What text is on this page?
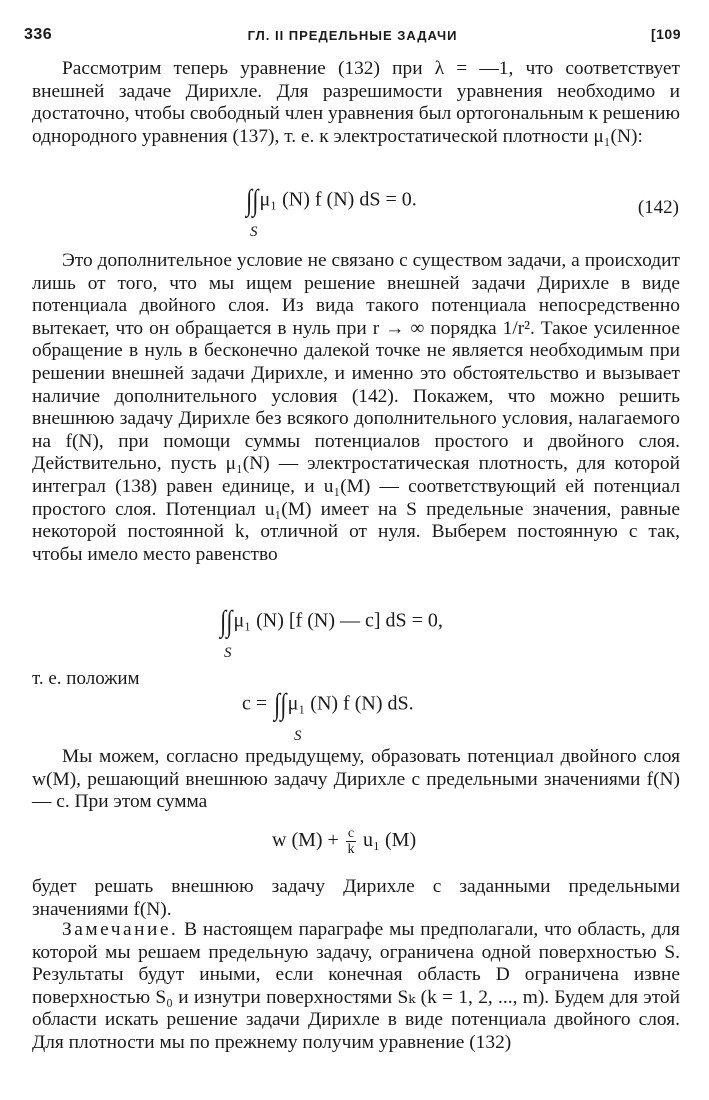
336	ГЛ. II ПРЕДЕЛЬНЫЕ ЗАДАЧИ	[109

Рассмотрим теперь уравнение (132) при λ = —1, что соответствует внешней задаче Дирихле. Для разрешимости уравнения необходимо и достаточно, чтобы свободный член уравнения был ортогональным к решению однородного уравнения (137), т. е. к электростатической плотности μ₁(N):

∫∫
S
μ₁ (N) f (N) dS = 0.	(142)

Это дополнительное условие не связано с существом задачи, а происходит лишь от того, что мы ищем решение внешней задачи Дирихле в виде потенциала двойного слоя. Из вида такого потенциала непосредственно вытекает, что он обращается в нуль при r → ∞ порядка 1/r². Такое усиленное обращение в нуль в бесконечно далекой точке не является необходимым при решении внешней задачи Дирихле, и именно это обстоятельство и вызывает наличие дополнительного условия (142). Покажем, что можно решить внешнюю задачу Дирихле без всякого дополнительного условия, налагаемого на f(N), при помощи суммы потенциалов простого и двойного слоя. Действительно, пусть μ₁(N) — электростатическая плотность, для которой интеграл (138) равен единице, и u₁(M) — соответствующий ей потенциал простого слоя. Потенциал u₁(M) имеет на S предельные значения, равные некоторой постоянной k, отличной от нуля. Выберем постоянную c так, чтобы имело место равенство

∫∫
S
μ₁ (N) [f (N) — c] dS = 0,
т. е. положим
c = ∫∫
S
μ₁ (N) f (N) dS.

Мы можем, согласно предыдущему, образовать потенциал двойного слоя w(M), решающий внешнюю задачу Дирихле с предельными значениями f(N) — c. При этом сумма

w $(M) + \frac{c}{k} u_1$ (M)

будет решать внешнюю задачу Дирихле с заданными предельными значениями f(N).

Замечание. В настоящем параграфе мы предполагали, что область, для которой мы решаем предельную задачу, ограничена одной поверхностью S. Результаты будут иными, если конечная область D ограничена извне поверхностью S₀ и изнутри поверхностями Sₖ (k = 1, 2, ..., m). Будем для этой области искать решение задачи Дирихле в виде потенциала двойного слоя. Для плотности мы по прежнему получим уравнение (132)
